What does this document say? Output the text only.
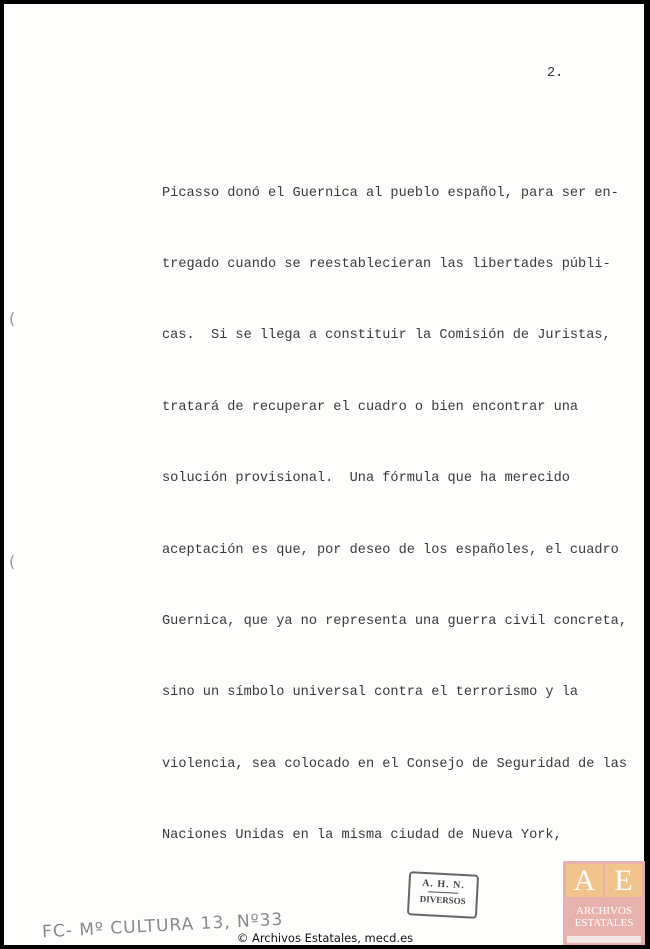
2.

Picasso donó el Guernica al pueblo español, para ser en-

tregado cuando se reestablecieran las libertades públi-

cas.  Si se llega a constituir la Comisión de Juristas,

tratará de recuperar el cuadro o bien encontrar una

solución provisional.  Una fórmula que ha merecido

aceptación es que, por deseo de los españoles, el cuadro

Guernica, que ya no representa una guerra civil concreta,

sino un símbolo universal contra el terrorismo y la

violencia, sea colocado en el Consejo de Seguridad de las

Naciones Unidas en la misma ciudad de Nueva York,

(
(
A. H. N.
DIVERSOS
FC- Mº CULTURA 13, Nº33
© Archivos Estatales, mecd.es
A E
ARCHIVOS
ESTATALES
